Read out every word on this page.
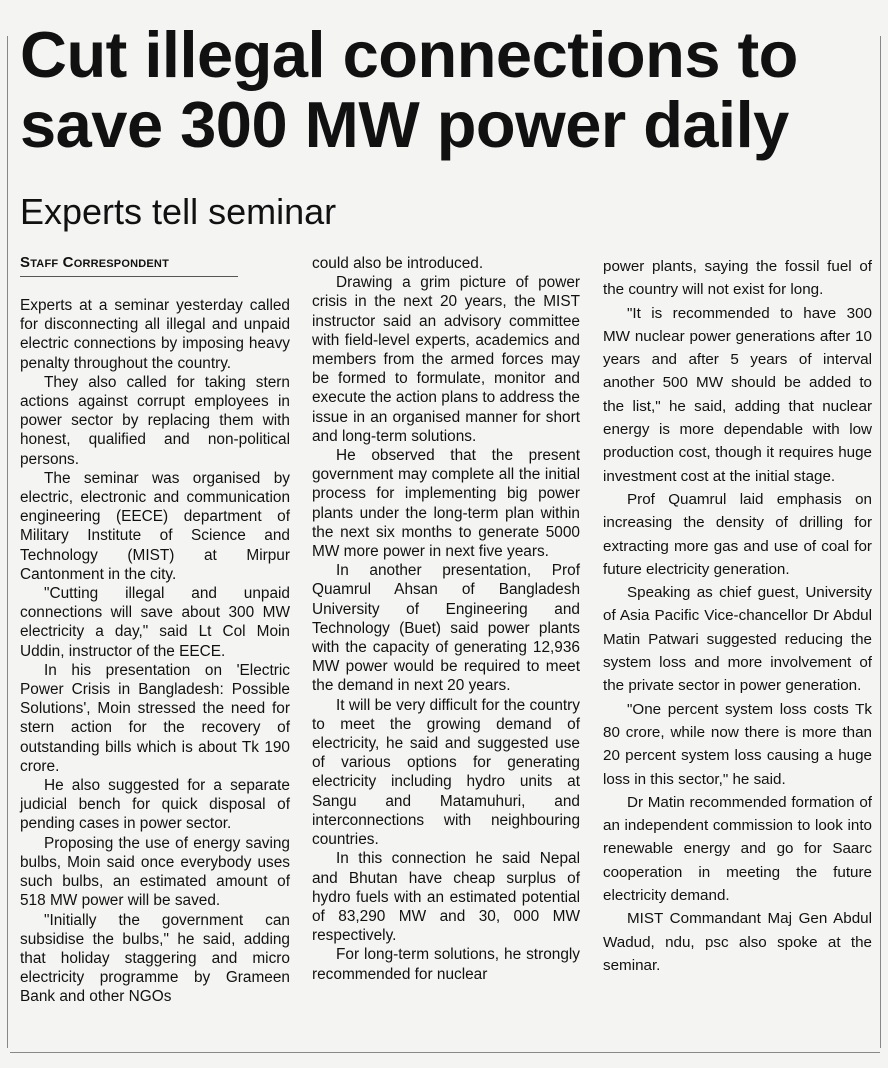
Cut illegal connections to save 300 MW power daily
Experts tell seminar
Staff Correspondent

Experts at a seminar yesterday called for disconnecting all illegal and unpaid electric connections by imposing heavy penalty throughout the country.

They also called for taking stern actions against corrupt employees in power sector by replacing them with honest, qualified and non-political persons.

The seminar was organised by electric, electronic and communication engineering (EECE) department of Military Institute of Science and Technology (MIST) at Mirpur Cantonment in the city.

"Cutting illegal and unpaid connections will save about 300 MW electricity a day," said Lt Col Moin Uddin, instructor of the EECE.

In his presentation on 'Electric Power Crisis in Bangladesh: Possible Solutions', Moin stressed the need for stern action for the recovery of outstanding bills which is about Tk 190 crore.

He also suggested for a separate judicial bench for quick disposal of pending cases in power sector.

Proposing the use of energy saving bulbs, Moin said once everybody uses such bulbs, an estimated amount of 518 MW power will be saved.

"Initially the government can subsidise the bulbs," he said, adding that holiday staggering and micro electricity programme by Grameen Bank and other NGOs

could also be introduced.

Drawing a grim picture of power crisis in the next 20 years, the MIST instructor said an advisory committee with field-level experts, academics and members from the armed forces may be formed to formulate, monitor and execute the action plans to address the issue in an organised manner for short and long-term solutions.

He observed that the present government may complete all the initial process for implementing big power plants under the long-term plan within the next six months to generate 5000 MW more power in next five years.

In another presentation, Prof Quamrul Ahsan of Bangladesh University of Engineering and Technology (Buet) said power plants with the capacity of generating 12,936 MW power would be required to meet the demand in next 20 years.

It will be very difficult for the country to meet the growing demand of electricity, he said and suggested use of various options for generating electricity including hydro units at Sangu and Matamuhuri, and interconnections with neighbouring countries.

In this connection he said Nepal and Bhutan have cheap surplus of hydro fuels with an estimated potential of 83,290 MW and 30, 000 MW respectively.

For long-term solutions, he strongly recommended for nuclear

power plants, saying the fossil fuel of the country will not exist for long.

"It is recommended to have 300 MW nuclear power generations after 10 years and after 5 years of interval another 500 MW should be added to the list," he said, adding that nuclear energy is more dependable with low production cost, though it requires huge investment cost at the initial stage.

Prof Quamrul laid emphasis on increasing the density of drilling for extracting more gas and use of coal for future electricity generation.

Speaking as chief guest, University of Asia Pacific Vice-chancellor Dr Abdul Matin Patwari suggested reducing the system loss and more involvement of the private sector in power generation.

"One percent system loss costs Tk 80 crore, while now there is more than 20 percent system loss causing a huge loss in this sector," he said.

Dr Matin recommended formation of an independent commission to look into renewable energy and go for Saarc cooperation in meeting the future electricity demand.

MIST Commandant Maj Gen Abdul Wadud, ndu, psc also spoke at the seminar.
